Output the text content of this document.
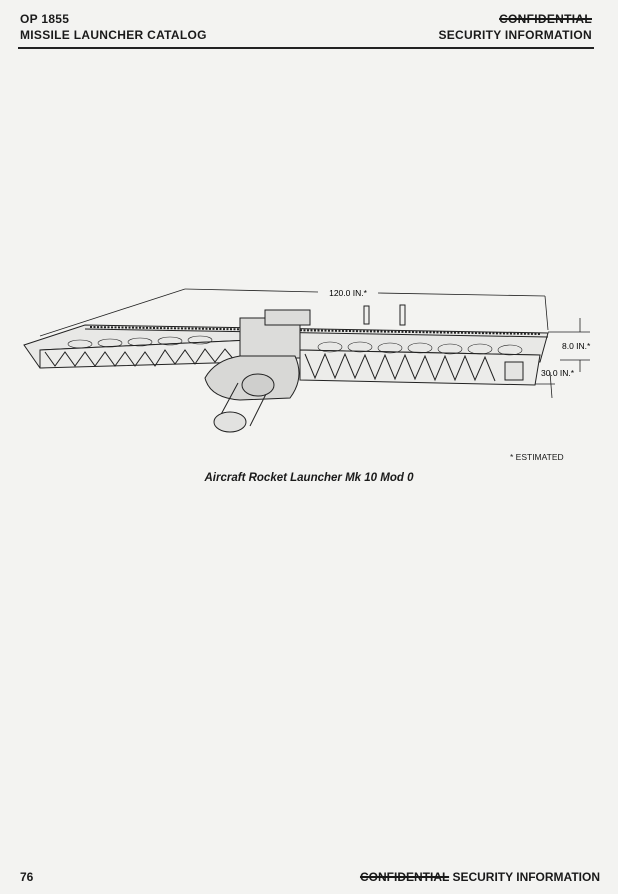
OP 1855
MISSILE LAUNCHER CATALOG
CONFIDENTIAL
SECURITY INFORMATION
120.0 IN.*
8.0 IN.*
30.0 IN.*
* ESTIMATED
Aircraft Rocket Launcher Mk 10 Mod 0
76	CONFIDENTIAL SECURITY INFORMATION
